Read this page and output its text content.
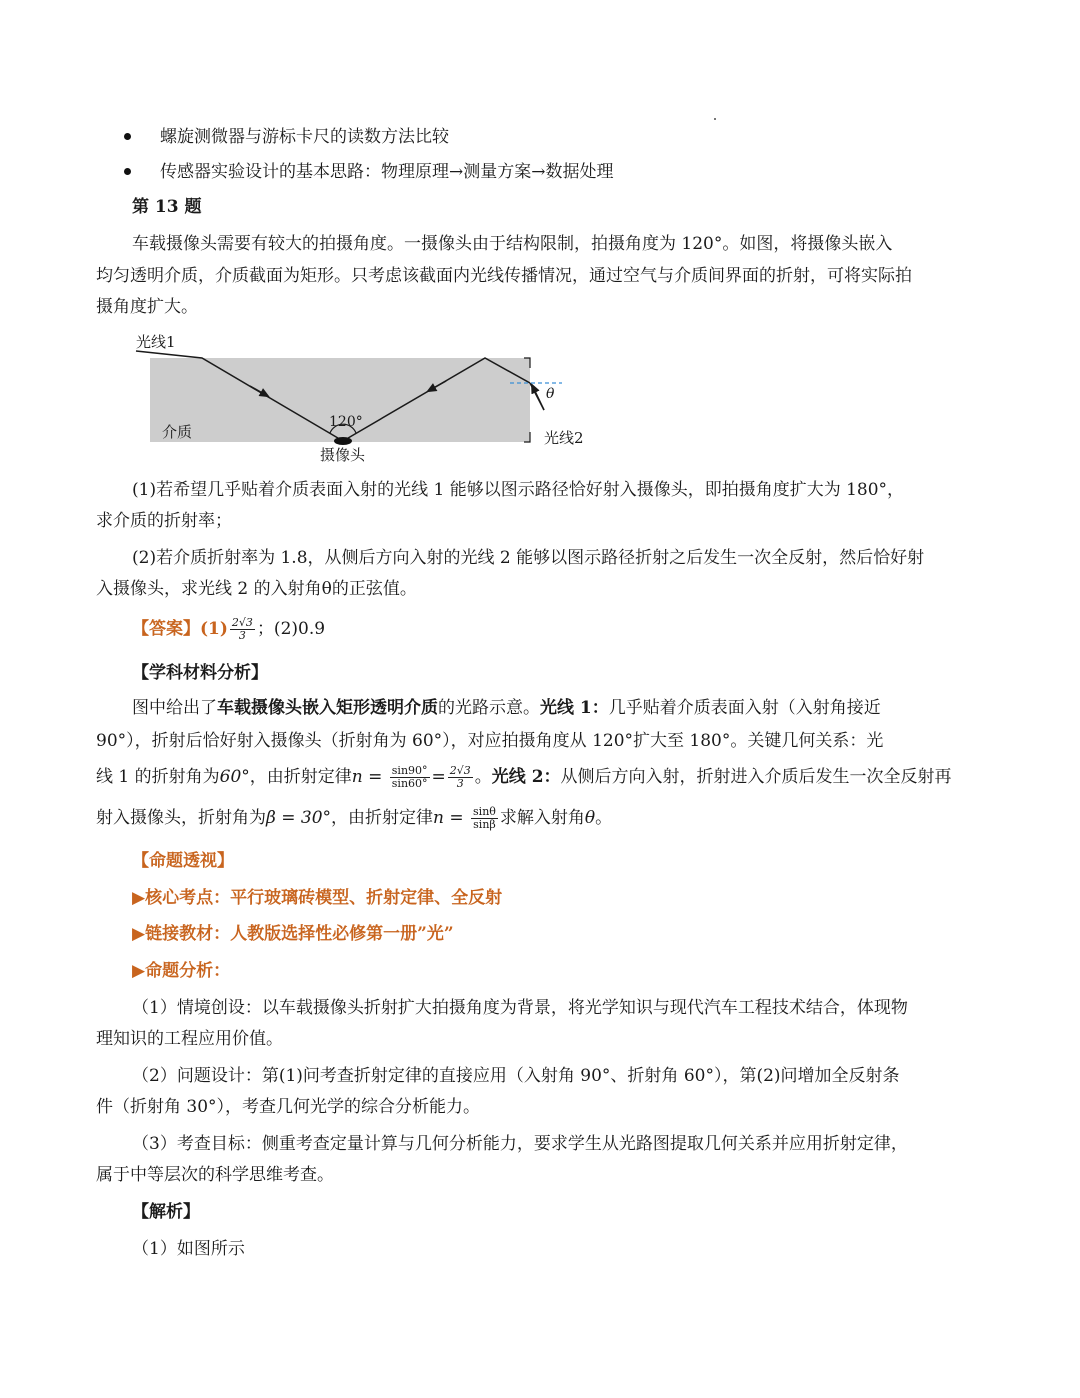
螺旋测微器与游标卡尺的读数方法比较
传感器实验设计的基本思路：物理原理→测量方案→数据处理
第 13 题
车载摄像头需要有较大的拍摄角度。一摄像头由于结构限制，拍摄角度为 120°。如图，将摄像头嵌入
均匀透明介质，介质截面为矩形。只考虑该截面内光线传播情况，通过空气与介质间界面的折射，可将实际拍
摄角度扩大。
光线1
光线2
介质
摄像头
120°
θ
(1)若希望几乎贴着介质表面入射的光线 1 能够以图示路径恰好射入摄像头，即拍摄角度扩大为 180°，
求介质的折射率；
(2)若介质折射率为 1.8，从侧后方向入射的光线 2 能够以图示路径折射之后发生一次全反射，然后恰好射
入摄像头，求光线 2 的入射角θ的正弦值。
【答案】$(1) \frac{2√3}{3}$ ；(2)0.9
【学科材料分析】
图中给出了车载摄像头嵌入矩形透明介质的光路示意。光线 1：几乎贴着介质表面入射（入射角接近
90°），折射后恰好射入摄像头（折射角为 60°），对应拍摄角度从 120°扩大至 180°。关键几何关系：光
线 1 的折射角为60°，由折射定律$n = \frac{\sin 90^\circ}{\sin 60^\circ} = \frac{2√3}{3}$ 。光线 2：从侧后方向入射，折射进入介质后发生一次全反射再
射入摄像头，折射角为β = 30°，由折射定律$n = \frac{\sin\theta}{\sin\beta}$ 求解入射角θ。
【命题透视】
▶核心考点：平行玻璃砖模型、折射定律、全反射
▶链接教材：人教版选择性必修第一册”光”
▶命题分析：
（1）情境创设：以车载摄像头折射扩大拍摄角度为背景，将光学知识与现代汽车工程技术结合，体现物
理知识的工程应用价值。
（2）问题设计：第(1)问考查折射定律的直接应用（入射角 90°、折射角 60°），第(2)问增加全反射条
件（折射角 30°），考查几何光学的综合分析能力。
（3）考查目标：侧重考查定量计算与几何分析能力，要求学生从光路图提取几何关系并应用折射定律，
属于中等层次的科学思维考查。
【解析】
（1）如图所示
